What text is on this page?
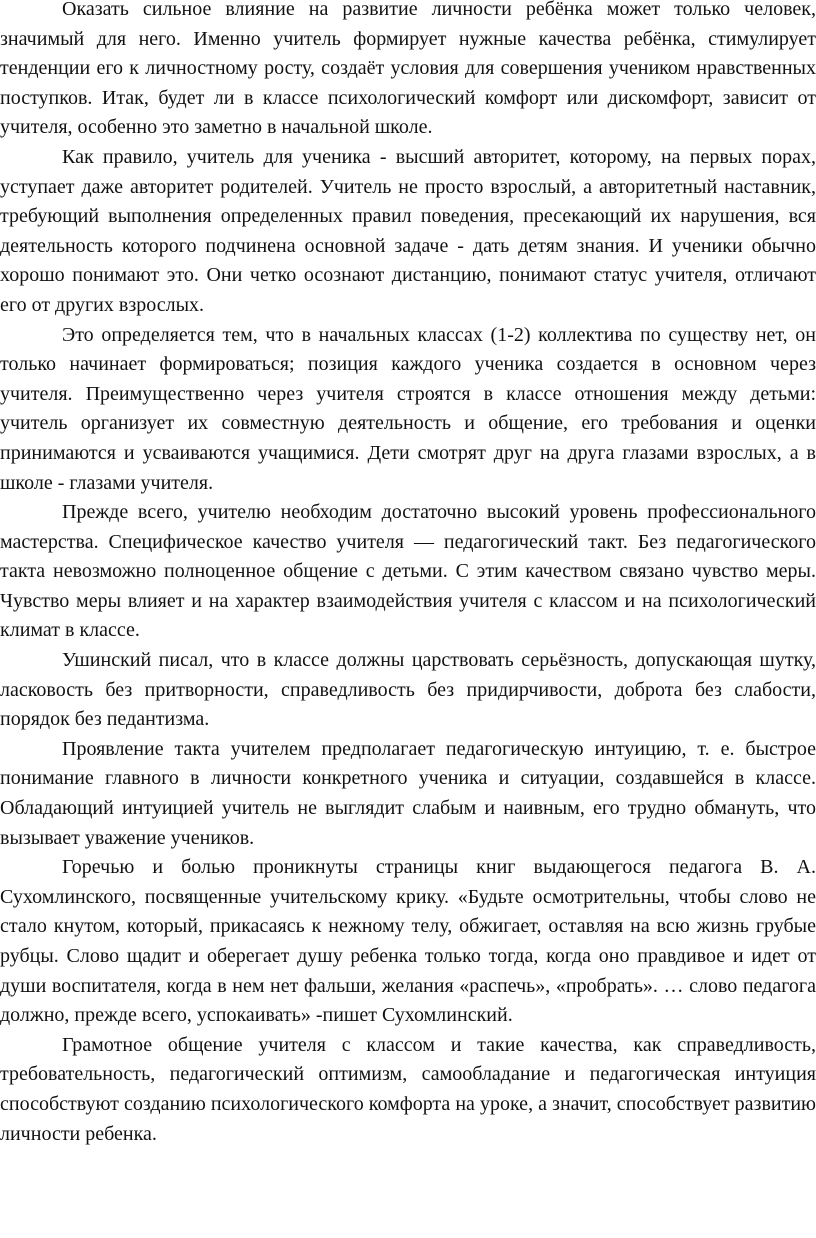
Оказать сильное влияние на развитие личности ребёнка может только человек, значимый для него. Именно учитель формирует нужные качества ребёнка, стимулирует тенденции его к личностному росту, создаёт условия для совершения учеником нравственных поступков. Итак, будет ли в классе психологический комфорт или дискомфорт, зависит от учителя, особенно это заметно в начальной школе.

Как правило, учитель для ученика - высший авторитет, которому, на первых порах, уступает даже авторитет родителей. Учитель не просто взрослый, а авторитетный наставник, требующий выполнения определенных правил поведения, пресекающий их нарушения, вся деятельность которого подчинена основной задаче - дать детям знания. И ученики обычно хорошо понимают это. Они четко осознают дистанцию, понимают статус учителя, отличают его от других взрослых.

Это определяется тем, что в начальных классах (1-2) коллектива по существу нет, он только начинает формироваться; позиция каждого ученика создается в основном через учителя. Преимущественно через учителя строятся в классе отношения между детьми: учитель организует их совместную деятельность и общение, его требования и оценки принимаются и усваиваются учащимися. Дети смотрят друг на друга глазами взрослых, а в школе - глазами учителя.

Прежде всего, учителю необходим достаточно высокий уровень профессионального мастерства. Специфическое качество учителя — педагогический такт. Без педагогического такта невозможно полноценное общение с детьми. С этим качеством связано чувство меры. Чувство меры влияет и на характер взаимодействия учителя с классом и на психологический климат в классе.

Ушинский писал, что в классе должны царствовать серьёзность, допускающая шутку, ласковость без притворности, справедливость без придирчивости, доброта без слабости, порядок без педантизма.

Проявление такта учителем предполагает педагогическую интуицию, т. е. быстрое понимание главного в личности конкретного ученика и ситуации, создавшейся в классе. Обладающий интуицией учитель не выглядит слабым и наивным, его трудно обмануть, что вызывает уважение учеников.

Горечью и болью проникнуты страницы книг выдающегося педагога В. А. Сухомлинского, посвященные учительскому крику. «Будьте осмотрительны, чтобы слово не стало кнутом, который, прикасаясь к нежному телу, обжигает, оставляя на всю жизнь грубые рубцы. Слово щадит и оберегает душу ребенка только тогда, когда оно правдивое и идет от души воспитателя, когда в нем нет фальши, желания «распечь», «пробрать». … слово педагога должно, прежде всего, успокаивать» -пишет Сухомлинский.

Грамотное общение учителя с классом и такие качества, как справедливость, требовательность, педагогический оптимизм, самообладание и педагогическая интуиция способствуют созданию психологического комфорта на уроке, а значит, способствует развитию личности ребенка.
